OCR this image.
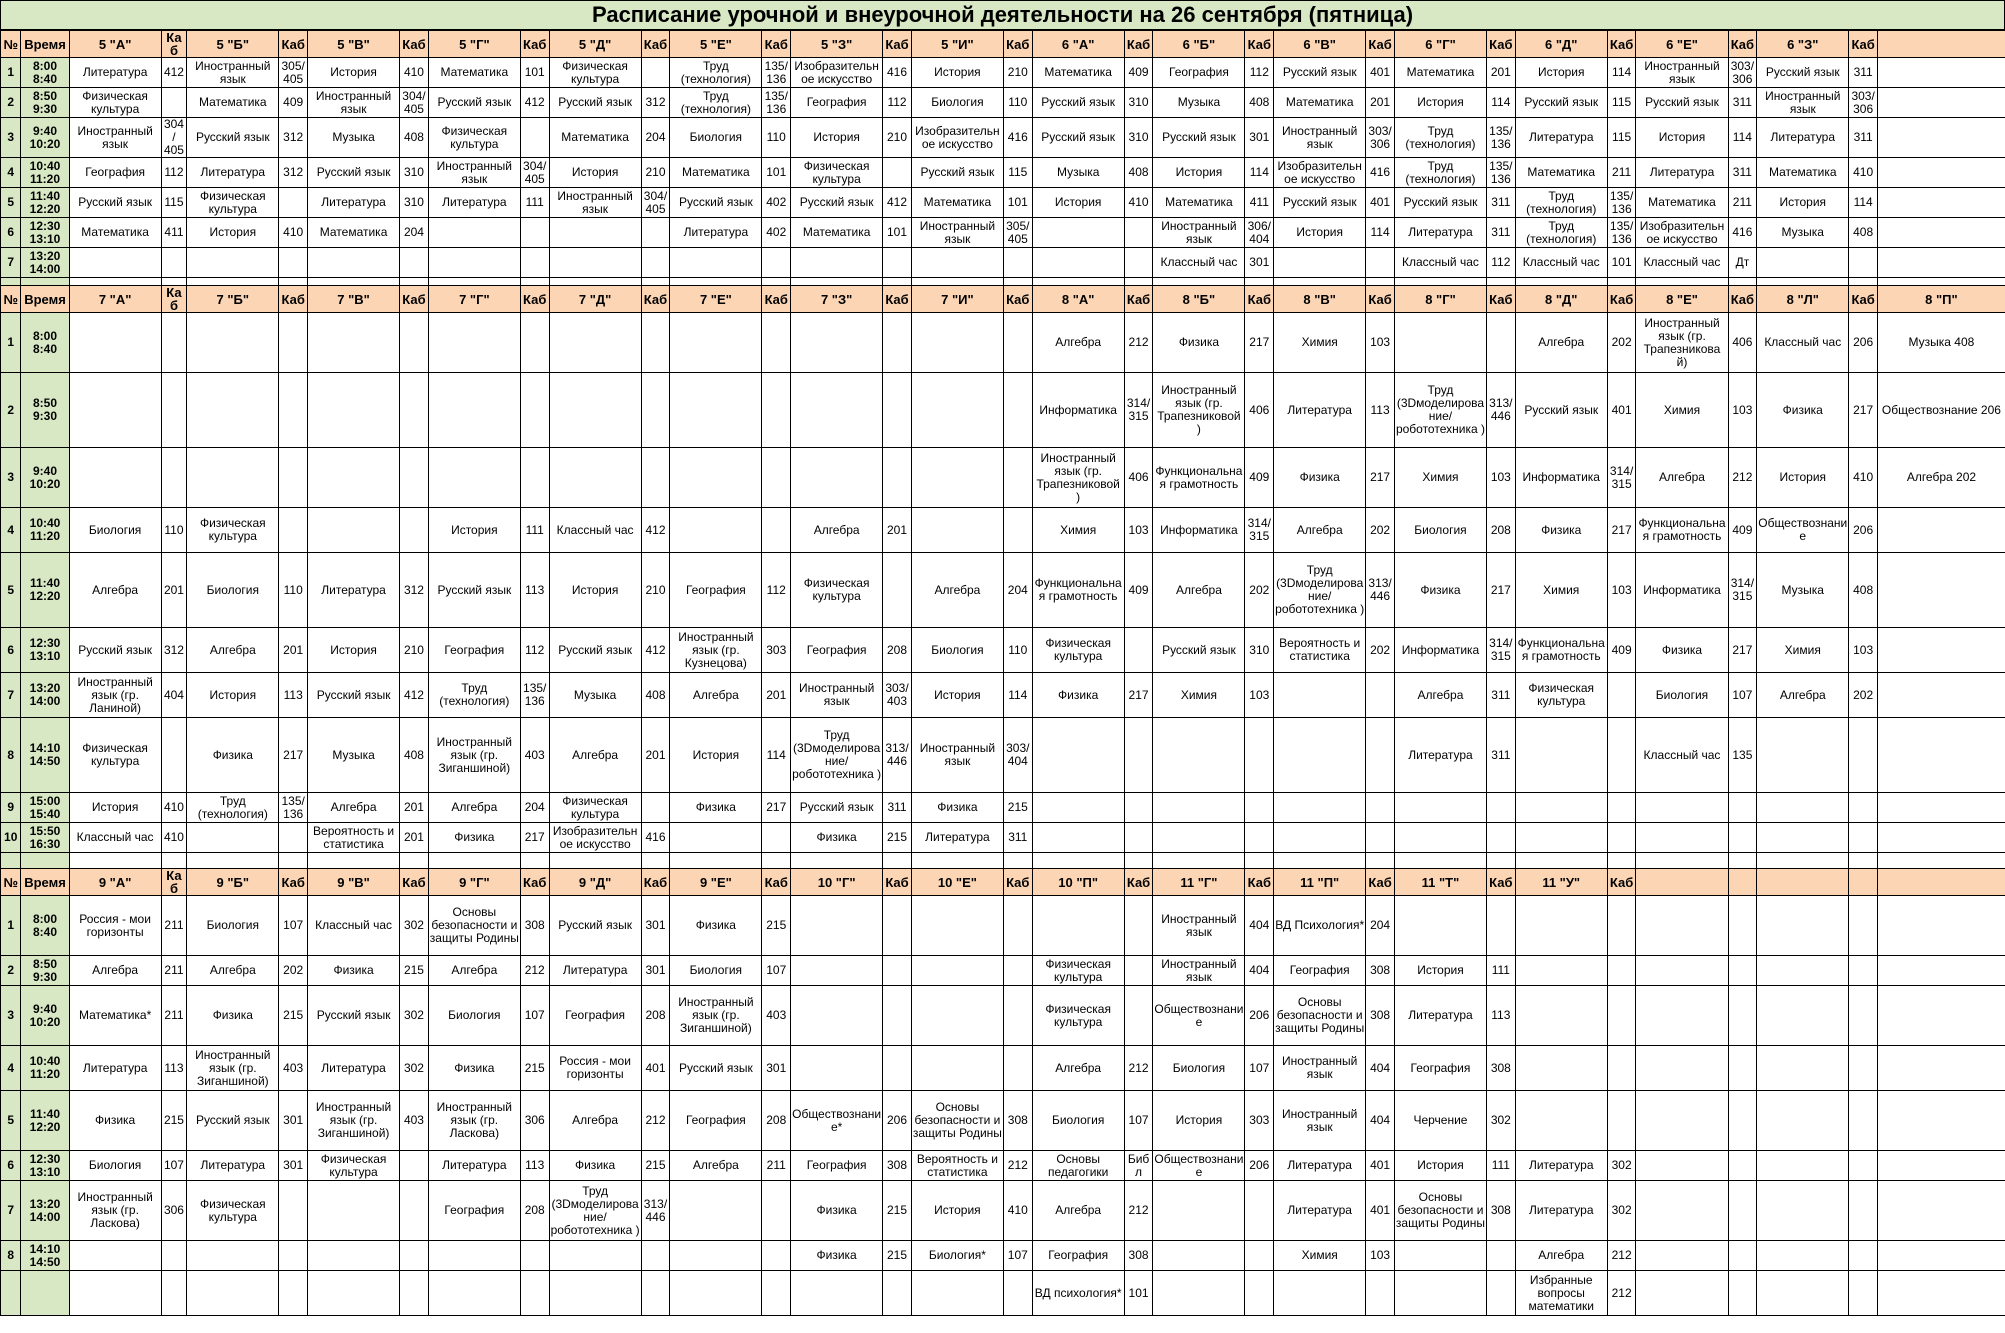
Расписание урочной и внеурочной деятельности на 26 сентября (пятница)
№	Время	5 "А"	Каб	5 "Б"	Каб	5 "В"	Каб	5 "Г"	Каб	5 "Д"	Каб	5 "Е"	Каб	5 "З"	Каб	5 "И"	Каб	6 "А"	Каб	6 "Б"	Каб	6 "В"	Каб	6 "Г"	Каб	6 "Д"	Каб	6 "Е"	Каб	6 "З"	Каб	
1	8:00 8:40	Литература	412	Иностранный язык	305/ 405	История	410	Математика	101	Физическая культура		Труд (технология)	135/ 136	Изобразительное искусство	416	История	210	Математика	409	География	112	Русский язык	401	Математика	201	История	114	Иностранный язык	303/ 306	Русский язык	311	
2	8:50 9:30	Физическая культура		Математика	409	Иностранный язык	304/ 405	Русский язык	412	Русский язык	312	Труд (технология)	135/ 136	География	112	Биология	110	Русский язык	310	Музыка	408	Математика	201	История	114	Русский язык	115	Русский язык	311	Иностранный язык	303/ 306	
3	9:40 10:20	Иностранный язык	304/ 405	Русский язык	312	Музыка	408	Физическая культура		Математика	204	Биология	110	История	210	Изобразительное искусство	416	Русский язык	310	Русский язык	301	Иностранный язык	303/ 306	Труд (технология)	135/ 136	Литература	115	История	114	Литература	311	
4	10:40 11:20	География	112	Литература	312	Русский язык	310	Иностранный язык	304/ 405	История	210	Математика	101	Физическая культура		Русский язык	115	Музыка	408	История	114	Изобразительное искусство	416	Труд (технология)	135/ 136	Математика	211	Литература	311	Математика	410	
5	11:40 12:20	Русский язык	115	Физическая культура		Литература	310	Литература	111	Иностранный язык	304/ 405	Русский язык	402	Русский язык	412	Математика	101	История	410	Математика	411	Русский язык	401	Русский язык	311	Труд (технология)	135/ 136	Математика	211	История	114	
6	12:30 13:10	Математика	411	История	410	Математика	204					Литература	402	Математика	101	Иностранный язык	305/ 405			Иностранный язык	306/ 404	История	114	Литература	311	Труд (технология)	135/ 136	Изобразительное искусство	416	Музыка	408	
7	13:20 14:00																			Классный час	301			Классный час	112	Классный час	101	Классный час	Дт			

№	Время	7 "А"	Каб	7 "Б"	Каб	7 "В"	Каб	7 "Г"	Каб	7 "Д"	Каб	7 "Е"	Каб	7 "З"	Каб	7 "И"	Каб	8 "А"	Каб	8 "Б"	Каб	8 "В"	Каб	8 "Г"	Каб	8 "Д"	Каб	8 "Е"	Каб	8 "Л"	Каб	8 "П"
1	8:00 8:40																	Алгебра	212	Физика	217	Химия	103			Алгебра	202	Иностранный язык (гр. Трапезникова й)	406	Классный час	206	Музыка 408
2	8:50 9:30																	Информатика	314/ 315	Иностранный язык (гр. Трапезниковой )	406	Литература	113	Труд (3Dмоделирование/ робототехника )	313/ 446	Русский язык	401	Химия	103	Физика	217	Обществознание 206
3	9:40 10:20																	Иностранный язык (гр. Трапезниковой )	406	Функциональная грамотность	409	Физика	217	Химия	103	Информатика	314/ 315	Алгебра	212	История	410	Алгебра 202
4	10:40 11:20	Биология	110	Физическая культура				История	111	Классный час	412			Алгебра	201			Химия	103	Информатика	314/ 315	Алгебра	202	Биология	208	Физика	217	Функциональная грамотность	409	Обществознание	206	
5	11:40 12:20	Алгебра	201	Биология	110	Литература	312	Русский язык	113	История	210	География	112	Физическая культура		Алгебра	204	Функциональная грамотность	409	Алгебра	202	Труд (3Dмоделирование/ робототехника )	313/ 446	Физика	217	Химия	103	Информатика	314/ 315	Музыка	408	
6	12:30 13:10	Русский язык	312	Алгебра	201	История	210	География	112	Русский язык	412	Иностранный язык (гр. Кузнецова)	303	География	208	Биология	110	Физическая культура		Русский язык	310	Вероятность и статистика	202	Информатика	314/ 315	Функциональная грамотность	409	Физика	217	Химия	103	
7	13:20 14:00	Иностранный язык (гр. Ланиной)	404	История	113	Русский язык	412	Труд (технология)	135/ 136	Музыка	408	Алгебра	201	Иностранный язык	303/ 403	История	114	Физика	217	Химия	103			Алгебра	311	Физическая культура		Биология	107	Алгебра	202	
8	14:10 14:50	Физическая культура		Физика	217	Музыка	408	Иностранный язык (гр. Зиганшиной)	403	Алгебра	201	История	114	Труд (3Dмоделирование/ робототехника )	313/ 446	Иностранный язык	303/ 404							Литература	311			Классный час	135			
9	15:00 15:40	История	410	Труд (технология)	135/ 136	Алгебра	201	Алгебра	204	Физическая культура		Физика	217	Русский язык	311	Физика	215															
10	15:50 16:30	Классный час	410			Вероятность и статистика	201	Физика	217	Изобразительное искусство	416			Физика	215	Литература	311															

№	Время	9 "А"	Каб	9 "Б"	Каб	9 "В"	Каб	9 "Г"	Каб	9 "Д"	Каб	9 "Е"	Каб	10 "Г"	Каб	10 "Е"	Каб	10 "П"	Каб	11 "Г"	Каб	11 "П"	Каб	11 "Т"	Каб	11 "У"	Каб					
1	8:00 8:40	Россия - мои горизонты	211	Биология	107	Классный час	302	Основы безопасности и защиты Родины	308	Русский язык	301	Физика	215							Иностранный язык	404	ВД Психология*	204									
2	8:50 9:30	Алгебра	211	Алгебра	202	Физика	215	Алгебра	212	Литература	301	Биология	107					Физическая культура		Иностранный язык	404	География	308	История	111							
3	9:40 10:20	Математика*	211	Физика	215	Русский язык	302	Биология	107	География	208	Иностранный язык (гр. Зиганшиной)	403					Физическая культура		Обществознание	206	Основы безопасности и защиты Родины	308	Литература	113							
4	10:40 11:20	Литература	113	Иностранный язык (гр. Зиганшиной)	403	Литература	302	Физика	215	Россия - мои горизонты	401	Русский язык	301					Алгебра	212	Биология	107	Иностранный язык	404	География	308							
5	11:40 12:20	Физика	215	Русский язык	301	Иностранный язык (гр. Зиганшиной)	403	Иностранный язык (гр. Ласкова)	306	Алгебра	212	География	208	Обществознание*	206	Основы безопасности и защиты Родины	308	Биология	107	История	303	Иностранный язык	404	Черчение	302							
6	12:30 13:10	Биология	107	Литература	301	Физическая культура		Литература	113	Физика	215	Алгебра	211	География	308	Вероятность и статистика	212	Основы педагогики	Библ	Обществознание	206	Литература	401	История	111	Литература	302					
7	13:20 14:00	Иностранный язык (гр. Ласкова)	306	Физическая культура				География	208	Труд (3Dмоделирование/ робототехника )	313/ 446			Физика	215	История	410	Алгебра	212			Литература	401	Основы безопасности и защиты Родины	308	Литература	302					
8	14:10 14:50													Физика	215	Биология*	107	География	308			Химия	103			Алгебра	212					
																		ВД психология*	101							Избранные вопросы математики	212					
